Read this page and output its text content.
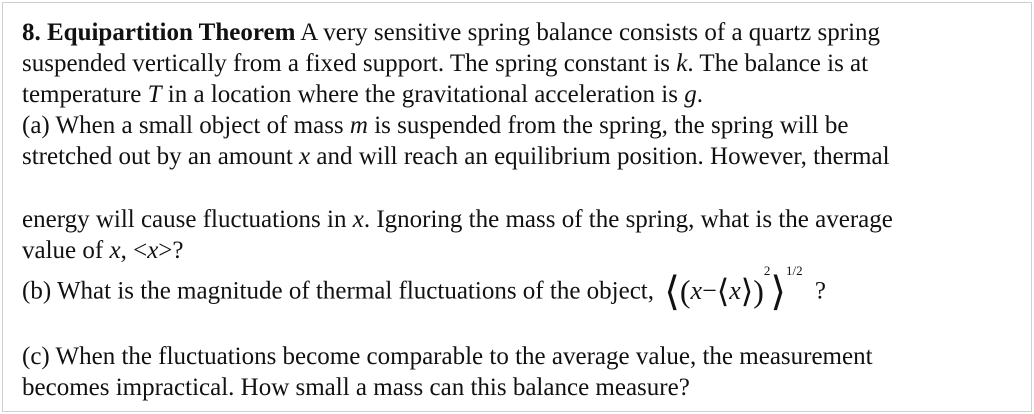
8. Equipartition Theorem A very sensitive spring balance consists of a quartz spring
suspended vertically from a fixed support. The spring constant is k. The balance is at
temperature T in a location where the gravitational acceleration is g.
(a) When a small object of mass m is suspended from the spring, the spring will be
stretched out by an amount x and will reach an equilibrium position. However, thermal
energy will cause fluctuations in x. Ignoring the mass of the spring, what is the average
value of x, <x>?
(b) What is the magnitude of thermal fluctuations of the object, ⟨(x−⟨x⟩)$^2$⟩$^{1/2}$ ?
(c) When the fluctuations become comparable to the average value, the measurement
becomes impractical. How small a mass can this balance measure?
